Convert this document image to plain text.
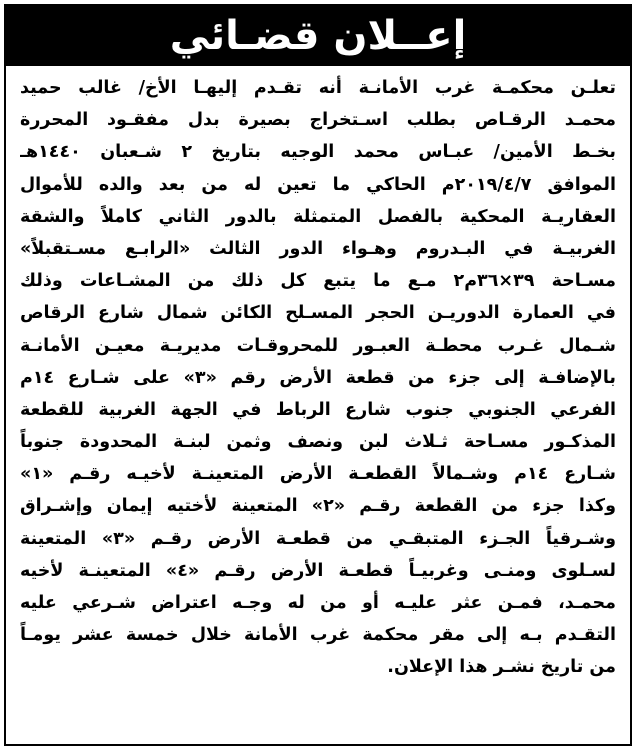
إعــلان قضـائي
تعلـن محكمـة غرب الأمانـة أنه تقـدم إليهـا الأخ/ غالب حميد
محمـد الرقـاص بطلب اسـتخراج بصيرة بدل مفقـود المحررة
بخـط الأمين/ عبـاس محمد الوجيه بتاريخ ٢ شـعبان ١٤٤٠هـ
الموافق ٢٠١٩/٤/٧م الحاكي ما تعين له من بعد والده للأموال
العقاريـة المحكية بالفصل المتمثلة بالدور الثاني كاملاً والشقة
الغربيـة في البـدروم وهـواء الدور الثالث «الرابـع مسـتقبلاً»
مسـاحة ٣٩×٣٦م٢ مـع ما يتبع كل ذلك من المشـاعات وذلك
في العمارة الدوريـن الحجر المسـلح الكائن شمال شارع الرقاص
شـمال غـرب محطـة العبـور للمحروقـات مديريـة معيـن الأمانـة
بالإضافـة إلى جزء من قطعة الأرض رقم «٣» على شـارع ١٤م
الفرعي الجنوبي جنوب شارع الرباط في الجهة الغربية للقطعة
المذكـور مسـاحة ثـلاث لبن ونصف وثمن لبنـة المحدودة جنوباً
شـارع ١٤م وشـمالاً القطعـة الأرض المتعينـة لأخيـه رقـم «١»
وكذا جزء من القطعة رقـم «٢» المتعينة لأختيه إيمان وإشـراق
وشـرقياً الجـزء المتبقـي من قطعـة الأرض رقـم «٣» المتعينة
لسـلوى ومنـى وغربيـاً قطعـة الأرض رقـم «٤» المتعينـة لأخيه
محمـد، فمـن عثر عليـه أو من له وجـه اعتراض شـرعي عليه
التقـدم بـه إلى مقر محكمة غرب الأمانة خلال خمسة عشر يومـاً
من تاريخ نشـر هذا الإعلان.
